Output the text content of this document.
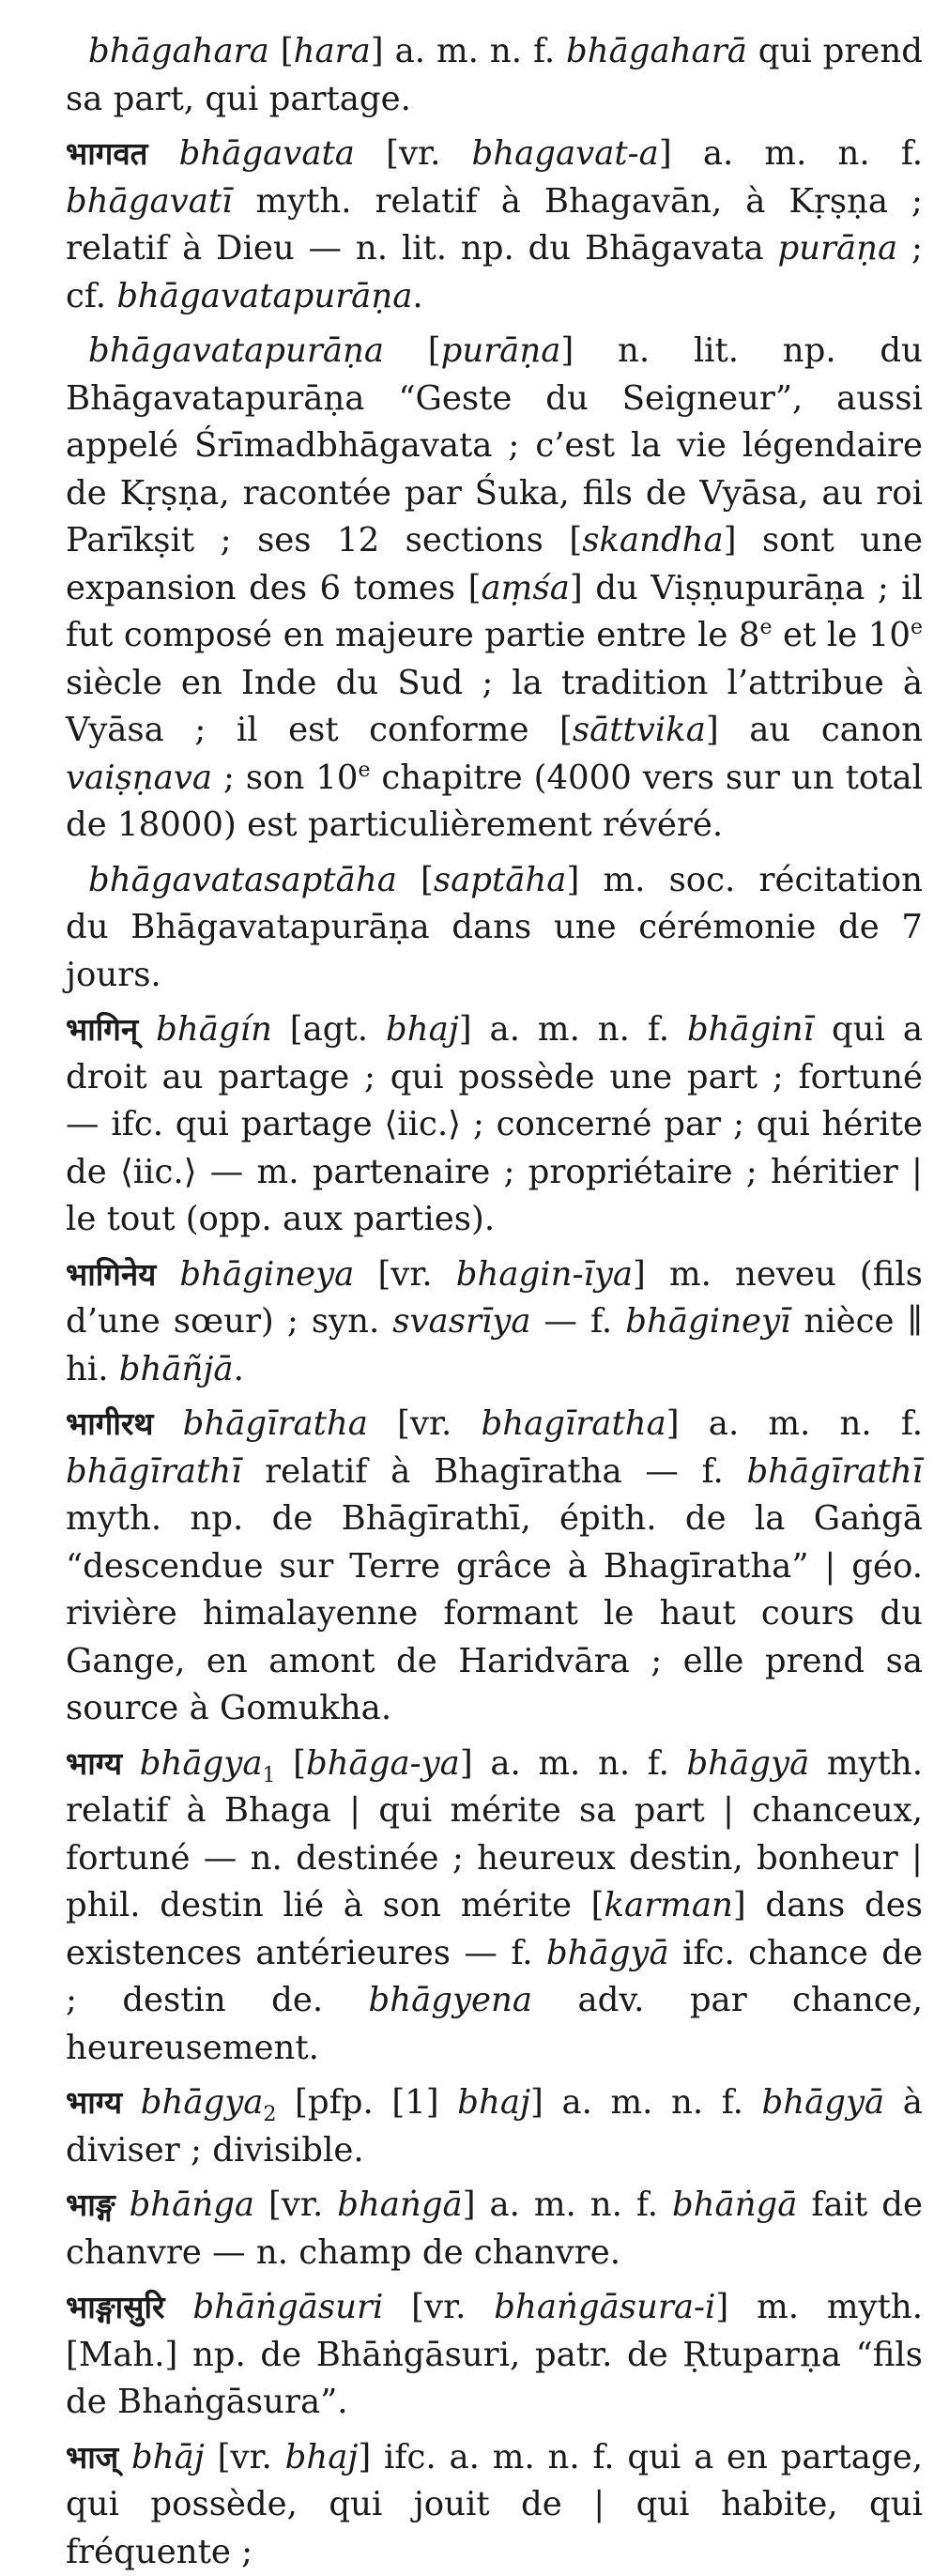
bhāgahara [hara] a. m. n. f. bhāgaharā qui prend sa part, qui partage.

भागवत bhāgavata [vr. bhagavat-a] a. m. n. f. bhāgavatī myth. relatif à Bhagavān, à Kṛṣṇa ; relatif à Dieu — n. lit. np. du Bhāgavata purāṇa ; cf. bhāgavatapurāṇa.

bhāgavatapurāṇa [purāṇa] n. lit. np. du Bhāgavatapurāṇa “Geste du Seigneur”, aussi appelé Śrīmadbhāgavata ; c’est la vie légendaire de Kṛṣṇa, racontée par Śuka, fils de Vyāsa, au roi Parīkṣit ; ses 12 sections [skandha] sont une expansion des 6 tomes [aṃśa] du Viṣṇupurāṇa ; il fut composé en majeure partie entre le 8e et le 10e siècle en Inde du Sud ; la tradition l’attribue à Vyāsa ; il est conforme [sāttvika] au canon vaiṣṇava ; son 10e chapitre (4000 vers sur un total de 18000) est particulièrement révéré.

bhāgavatasaptāha [saptāha] m. soc. récitation du Bhāgavatapurāṇa dans une cérémonie de 7 jours.

भागिन् bhāgín [agt. bhaj] a. m. n. f. bhāginī qui a droit au partage ; qui possède une part ; fortuné — ifc. qui partage ⟨iic.⟩ ; concerné par ; qui hérite de ⟨iic.⟩ — m. partenaire ; propriétaire ; héritier | le tout (opp. aux parties).

भागिनेय bhāgineya [vr. bhagin-īya] m. neveu (fils d’une sœur) ; syn. svasrīya — f. bhāgineyī nièce ∥ hi. bhāñjā.

भागीरथ bhāgīratha [vr. bhagīratha] a. m. n. f. bhāgīrathī relatif à Bhagīratha — f. bhāgīrathī myth. np. de Bhāgīrathī, épith. de la Gaṅgā “descendue sur Terre grâce à Bhagīratha” | géo. rivière himalayenne formant le haut cours du Gange, en amont de Haridvāra ; elle prend sa source à Gomukha.

भाग्य bhāgya$_1$ [bhāga-ya] a. m. n. f. bhāgyā myth. relatif à Bhaga | qui mérite sa part | chanceux, fortuné — n. destinée ; heureux destin, bonheur | phil. destin lié à son mérite [karman] dans des existences antérieures — f. bhāgyā ifc. chance de ; destin de. bhāgyena adv. par chance, heureusement.

भाग्य bhāgya$_2$ [pfp. [1] bhaj] a. m. n. f. bhāgyā à diviser ; divisible.

भाङ्ग bhāṅga [vr. bhaṅgā] a. m. n. f. bhāṅgā fait de chanvre — n. champ de chanvre.

भाङ्गासुरि bhāṅgāsuri [vr. bhaṅgāsura-i] m. myth. [Mah.] np. de Bhāṅgāsuri, patr. de Ṛtuparṇa “fils de Bhaṅgāsura”.

भाज् bhāj [vr. bhaj] ifc. a. m. n. f. qui a en partage, qui possède, qui jouit de | qui habite, qui fréquente ;
